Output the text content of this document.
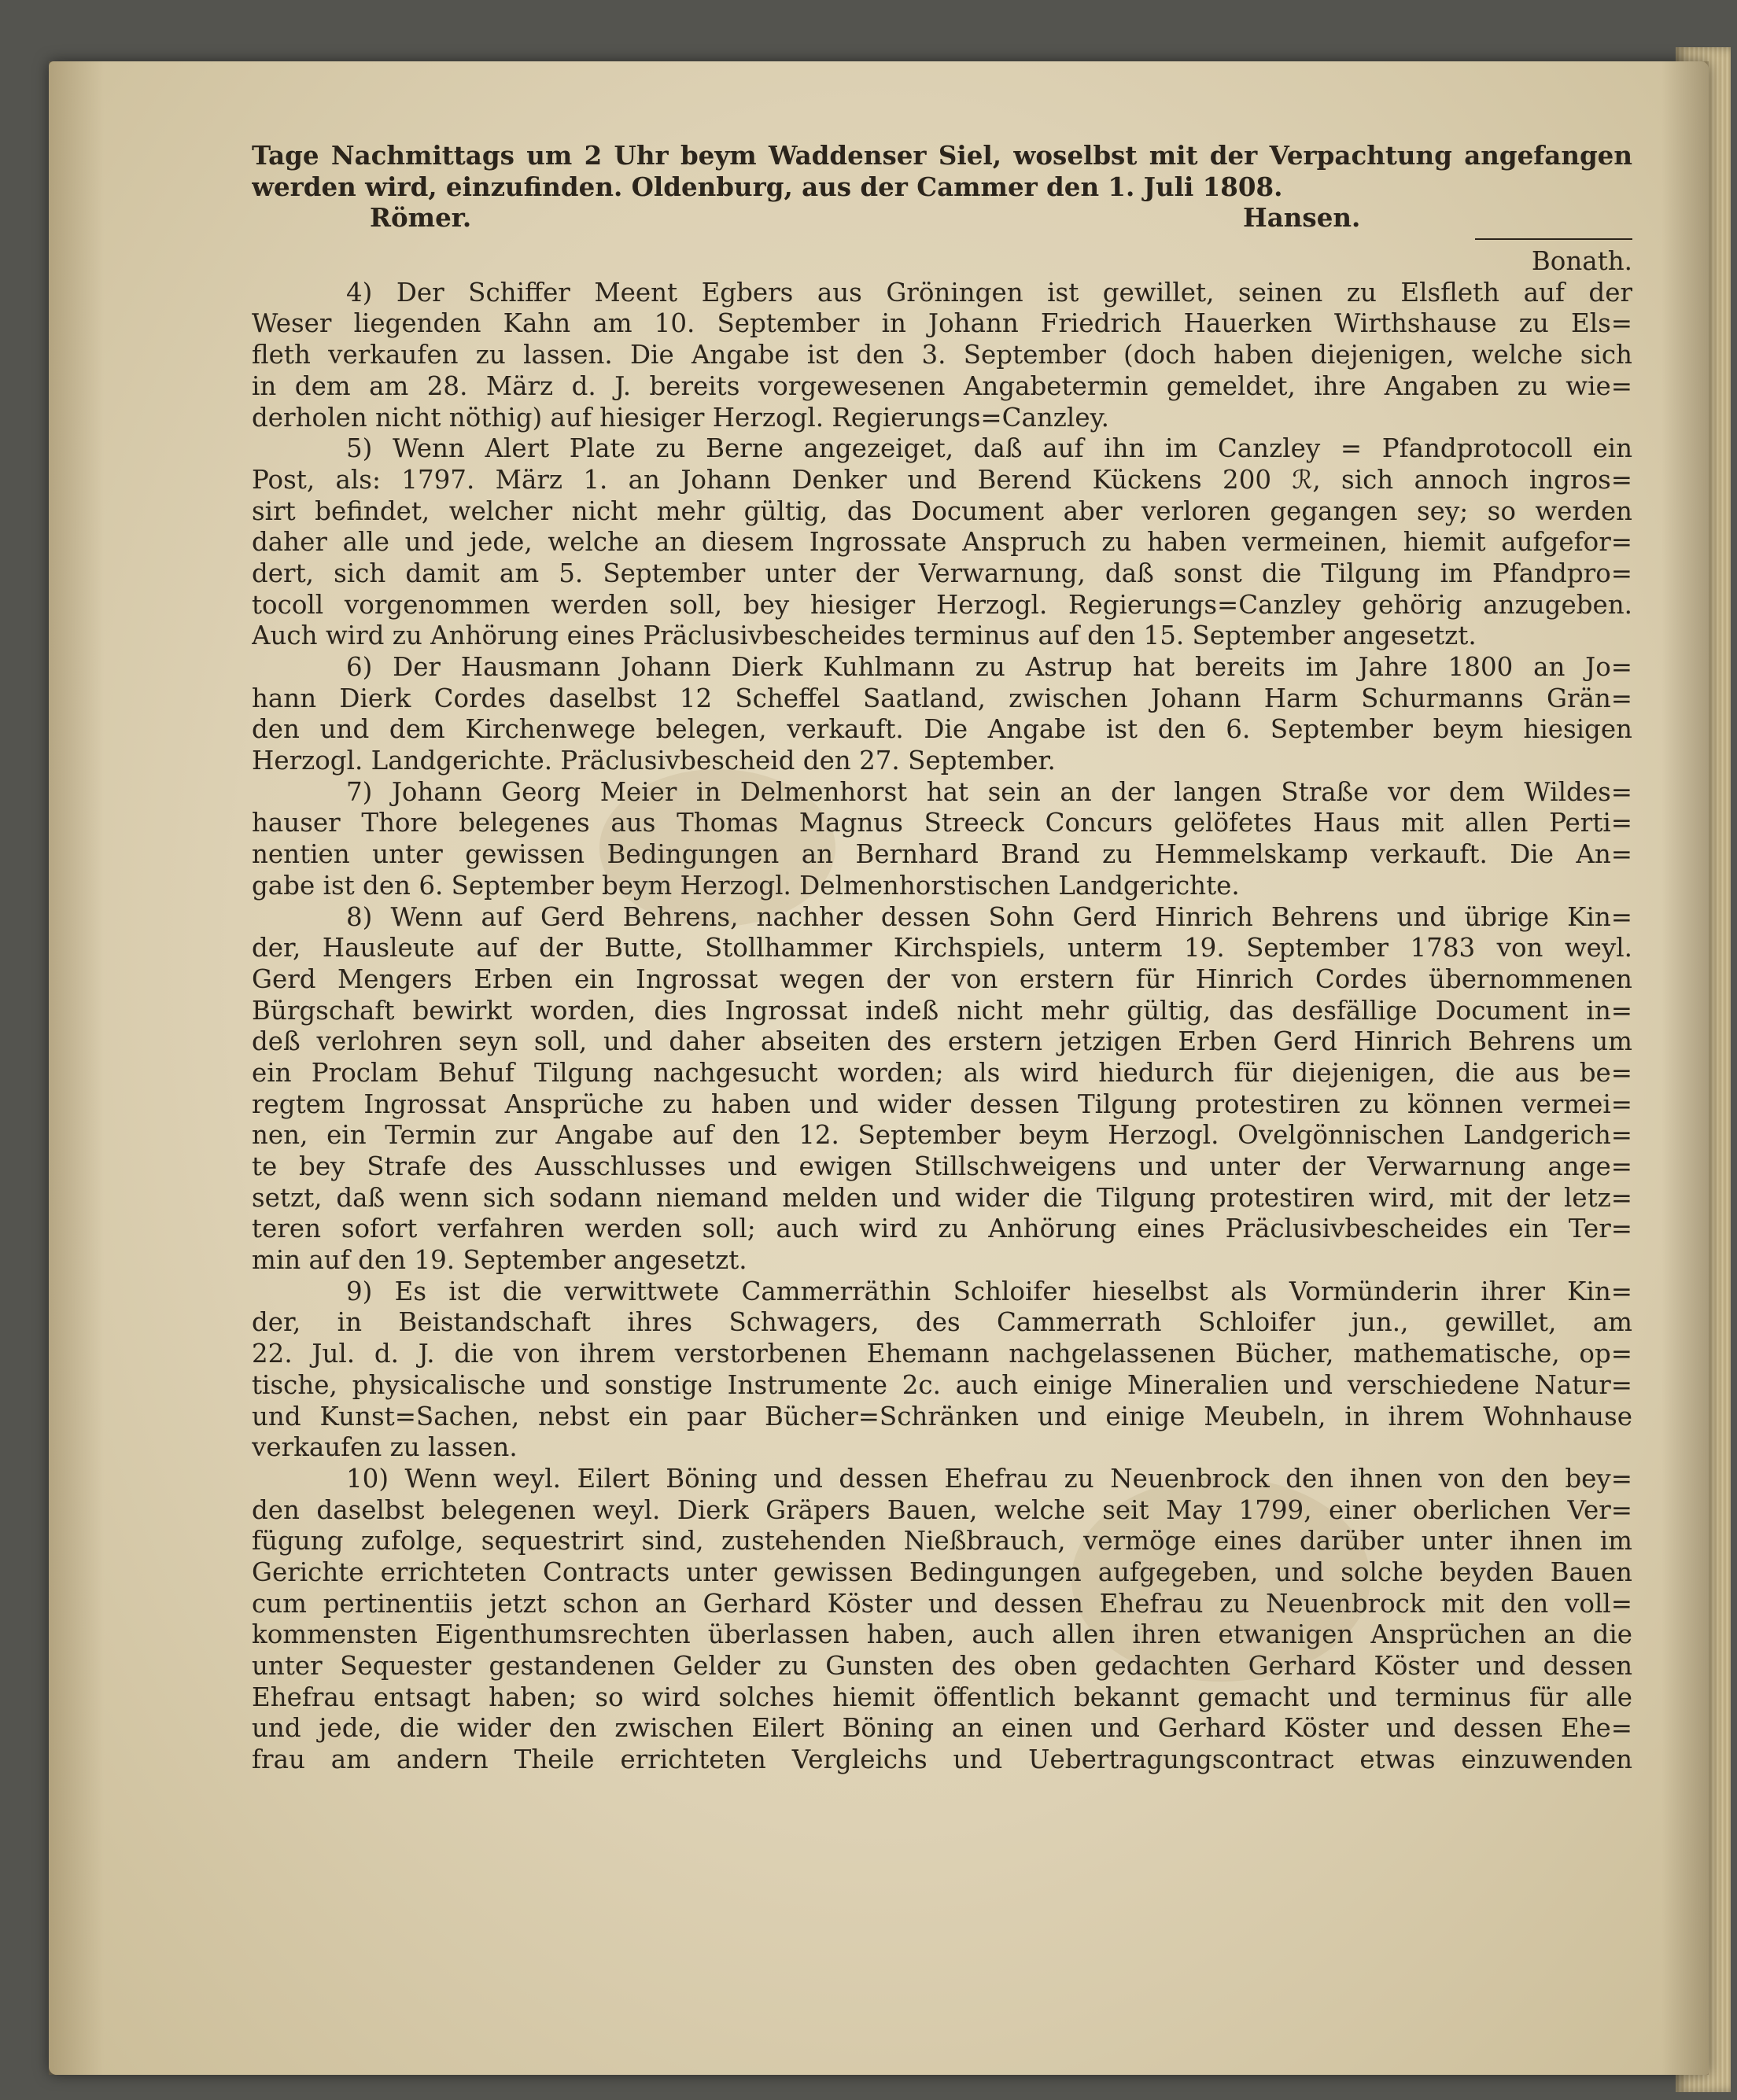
Tage Nachmittags um 2 Uhr beym Waddenser Siel, woselbst mit der Verpachtung angefangen
werden wird, einzufinden. Oldenburg, aus der Cammer den 1. Juli 1808.
Römer.	Hansen.
Bonath.
4) Der Schiffer Meent Egbers aus Gröningen ist gewillet, seinen zu Elsfleth auf der
Weser liegenden Kahn am 10. September in Johann Friedrich Hauerken Wirthshause zu Els=
fleth verkaufen zu lassen. Die Angabe ist den 3. September (doch haben diejenigen, welche sich
in dem am 28. März d. J. bereits vorgewesenen Angabetermin gemeldet, ihre Angaben zu wie=
derholen nicht nöthig) auf hiesiger Herzogl. Regierungs=Canzley.
5) Wenn Alert Plate zu Berne angezeiget, daß auf ihn im Canzley = Pfandprotocoll ein
Post, als: 1797. März 1. an Johann Denker und Berend Kückens 200 ℛ, sich annoch ingros=
sirt befindet, welcher nicht mehr gültig, das Document aber verloren gegangen sey; so werden
daher alle und jede, welche an diesem Ingrossate Anspruch zu haben vermeinen, hiemit aufgefor=
dert, sich damit am 5. September unter der Verwarnung, daß sonst die Tilgung im Pfandpro=
tocoll vorgenommen werden soll, bey hiesiger Herzogl. Regierungs=Canzley gehörig anzugeben.
Auch wird zu Anhörung eines Präclusivbescheides terminus auf den 15. September angesetzt.
6) Der Hausmann Johann Dierk Kuhlmann zu Astrup hat bereits im Jahre 1800 an Jo=
hann Dierk Cordes daselbst 12 Scheffel Saatland, zwischen Johann Harm Schurmanns Grän=
den und dem Kirchenwege belegen, verkauft. Die Angabe ist den 6. September beym hiesigen
Herzogl. Landgerichte. Präclusivbescheid den 27. September.
7) Johann Georg Meier in Delmenhorst hat sein an der langen Straße vor dem Wildes=
hauser Thore belegenes aus Thomas Magnus Streeck Concurs gelöfetes Haus mit allen Perti=
nentien unter gewissen Bedingungen an Bernhard Brand zu Hemmelskamp verkauft. Die An=
gabe ist den 6. September beym Herzogl. Delmenhorstischen Landgerichte.
8) Wenn auf Gerd Behrens, nachher dessen Sohn Gerd Hinrich Behrens und übrige Kin=
der, Hausleute auf der Butte, Stollhammer Kirchspiels, unterm 19. September 1783 von weyl.
Gerd Mengers Erben ein Ingrossat wegen der von erstern für Hinrich Cordes übernommenen
Bürgschaft bewirkt worden, dies Ingrossat indeß nicht mehr gültig, das desfällige Document in=
deß verlohren seyn soll, und daher abseiten des erstern jetzigen Erben Gerd Hinrich Behrens um
ein Proclam Behuf Tilgung nachgesucht worden; als wird hiedurch für diejenigen, die aus be=
regtem Ingrossat Ansprüche zu haben und wider dessen Tilgung protestiren zu können vermei=
nen, ein Termin zur Angabe auf den 12. September beym Herzogl. Ovelgönnischen Landgerich=
te bey Strafe des Ausschlusses und ewigen Stillschweigens und unter der Verwarnung ange=
setzt, daß wenn sich sodann niemand melden und wider die Tilgung protestiren wird, mit der letz=
teren sofort verfahren werden soll; auch wird zu Anhörung eines Präclusivbescheides ein Ter=
min auf den 19. September angesetzt.
9) Es ist die verwittwete Cammerräthin Schloifer hieselbst als Vormünderin ihrer Kin=
der, in Beistandschaft ihres Schwagers, des Cammerrath Schloifer jun., gewillet, am
22. Jul. d. J. die von ihrem verstorbenen Ehemann nachgelassenen Bücher, mathematische, op=
tische, physicalische und sonstige Instrumente 2c. auch einige Mineralien und verschiedene Natur=
und Kunst=Sachen, nebst ein paar Bücher=Schränken und einige Meubeln, in ihrem Wohnhause
verkaufen zu lassen.
10) Wenn weyl. Eilert Böning und dessen Ehefrau zu Neuenbrock den ihnen von den bey=
den daselbst belegenen weyl. Dierk Gräpers Bauen, welche seit May 1799, einer oberlichen Ver=
fügung zufolge, sequestrirt sind, zustehenden Nießbrauch, vermöge eines darüber unter ihnen im
Gerichte errichteten Contracts unter gewissen Bedingungen aufgegeben, und solche beyden Bauen
cum pertinentiis jetzt schon an Gerhard Köster und dessen Ehefrau zu Neuenbrock mit den voll=
kommensten Eigenthumsrechten überlassen haben, auch allen ihren etwanigen Ansprüchen an die
unter Sequester gestandenen Gelder zu Gunsten des oben gedachten Gerhard Köster und dessen
Ehefrau entsagt haben; so wird solches hiemit öffentlich bekannt gemacht und terminus für alle
und jede, die wider den zwischen Eilert Böning an einen und Gerhard Köster und dessen Ehe=
frau am andern Theile errichteten Vergleichs und Uebertragungscontract etwas einzuwenden
